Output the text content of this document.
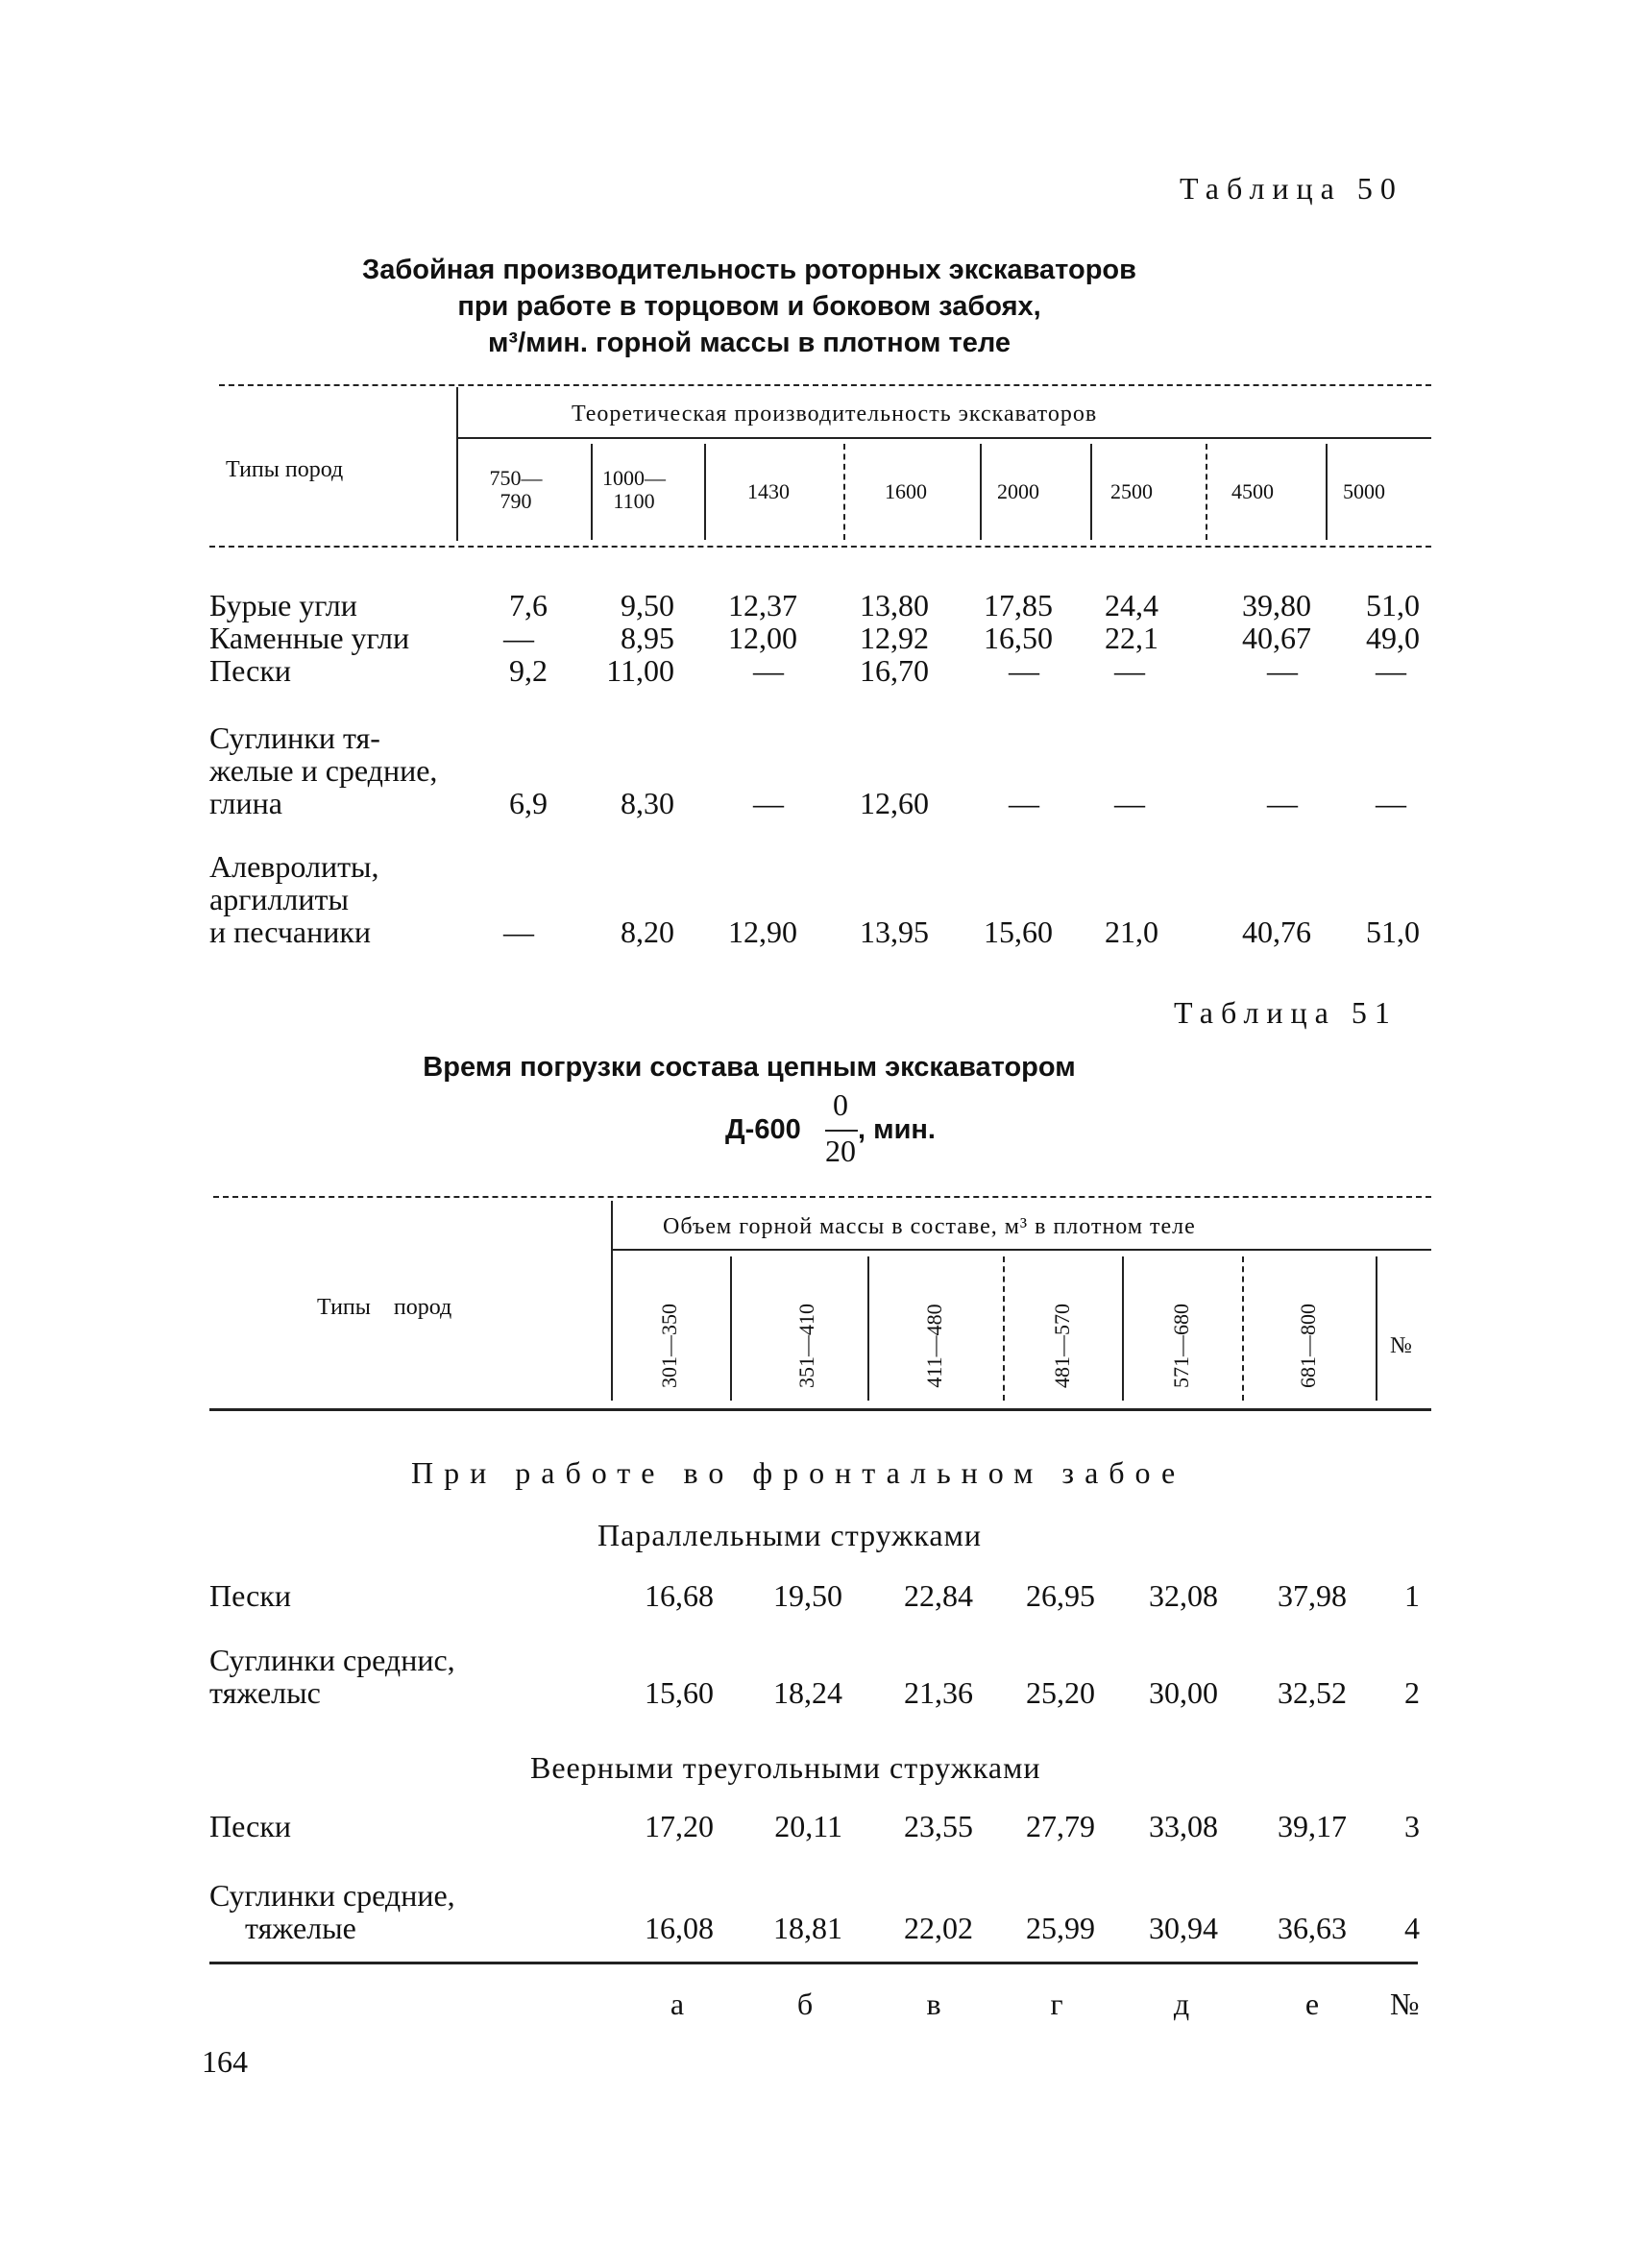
Таблица 50
Забойная производительность роторных экскаваторов
при работе в торцовом и боковом забоях,
м³/мин. горной массы в плотном теле
Типы пород
Теоретическая производительность экскаваторов
750—
790
1000—
1100	1430	1600	2000	2500	4500	5000
Бурые угли	7,6	9,50	12,37	13,80	17,85	24,4	39,80	51,0
Каменные угли	—	8,95	12,00	12,92	16,50	22,1	40,67	49,0
Пески	9,2	11,00	—	16,70	—	—	—	—
Суглинки тя-
желые и средние,
глина	6,9	8,30	—	12,60	—	—	—	—
Алевролиты,
аргиллиты
и песчаники	—	8,20	12,90	13,95	15,60	21,0	40,76	51,0
Таблица 51
Время погрузки состава цепным экскаватором
Д-600
0
20
, мин.
Типы пород
Объем горной массы в составе, м³ в плотном теле
301—350	351—410	411—480	481—570	571—680	681—800	№
При работе во фронтальном забое
Параллельными стружками
Пески	16,68	19,50	22,84	26,95	32,08	37,98	1
Суглинки среднис,
тяжелыс	15,60	18,24	21,36	25,20	30,00	32,52	2
Веерными треугольными стружками
Пески	17,20	20,11	23,55	27,79	33,08	39,17	3
Суглинки средние,
тяжелые	16,08	18,81	22,02	25,99	30,94	36,63	4
а	б	в	г	д	е	№
164
